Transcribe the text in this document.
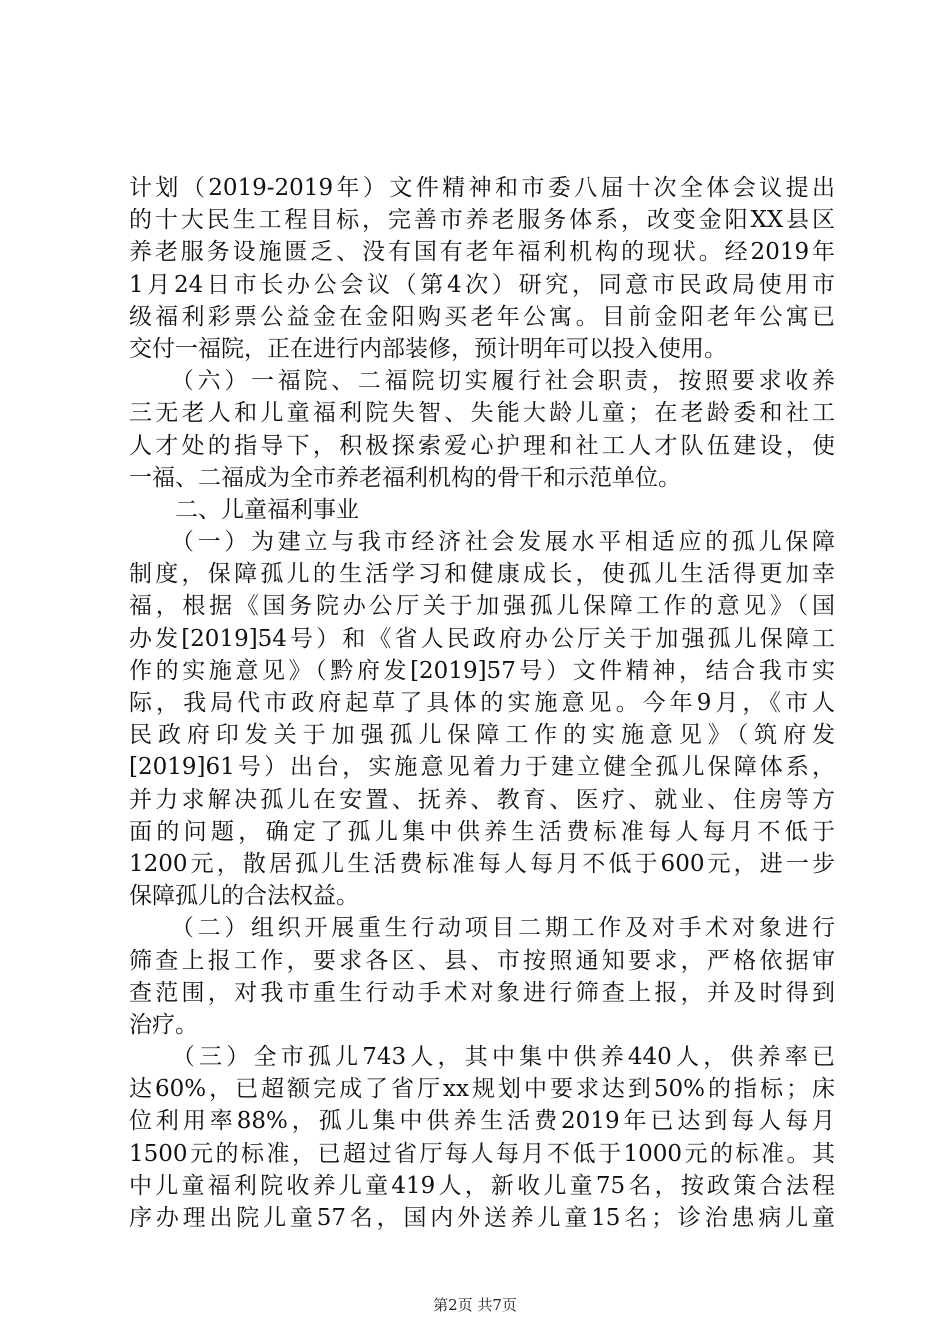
计划（2019-2019年）文件精神和市委八届十次全体会议提出
的十大民生工程目标，完善市养老服务体系，改变金阳XX县区
养老服务设施匮乏、没有国有老年福利机构的现状。经2019年
1月24日市长办公会议（第4次）研究，同意市民政局使用市
级福利彩票公益金在金阳购买老年公寓。目前金阳老年公寓已
交付一福院，正在进行内部装修，预计明年可以投入使用。
　　（六）一福院、二福院切实履行社会职责，按照要求收养
三无老人和儿童福利院失智、失能大龄儿童；在老龄委和社工
人才处的指导下，积极探索爱心护理和社工人才队伍建设，使
一福、二福成为全市养老福利机构的骨干和示范单位。
　　二、儿童福利事业
　　（一）为建立与我市经济社会发展水平相适应的孤儿保障
制度，保障孤儿的生活学习和健康成长，使孤儿生活得更加幸
福，根据《国务院办公厅关于加强孤儿保障工作的意见》（国
办发[2019]54号）和《省人民政府办公厅关于加强孤儿保障工
作的实施意见》（黔府发[2019]57号）文件精神，结合我市实
际，我局代市政府起草了具体的实施意见。今年9月，《市人
民政府印发关于加强孤儿保障工作的实施意见》（筑府发
[2019]61号）出台，实施意见着力于建立健全孤儿保障体系，
并力求解决孤儿在安置、抚养、教育、医疗、就业、住房等方
面的问题，确定了孤儿集中供养生活费标准每人每月不低于
1200元，散居孤儿生活费标准每人每月不低于600元，进一步
保障孤儿的合法权益。
　　（二）组织开展重生行动项目二期工作及对手术对象进行
筛查上报工作，要求各区、县、市按照通知要求，严格依据审
查范围，对我市重生行动手术对象进行筛查上报，并及时得到
治疗。
　　（三）全市孤儿743人，其中集中供养440人，供养率已
达60%，已超额完成了省厅xx规划中要求达到50%的指标；床
位利用率88%，孤儿集中供养生活费2019年已达到每人每月
1500元的标准，已超过省厅每人每月不低于1000元的标准。其
中儿童福利院收养儿童419人，新收儿童75名，按政策合法程
序办理出院儿童57名，国内外送养儿童15名；诊治患病儿童
第2页 共7页
